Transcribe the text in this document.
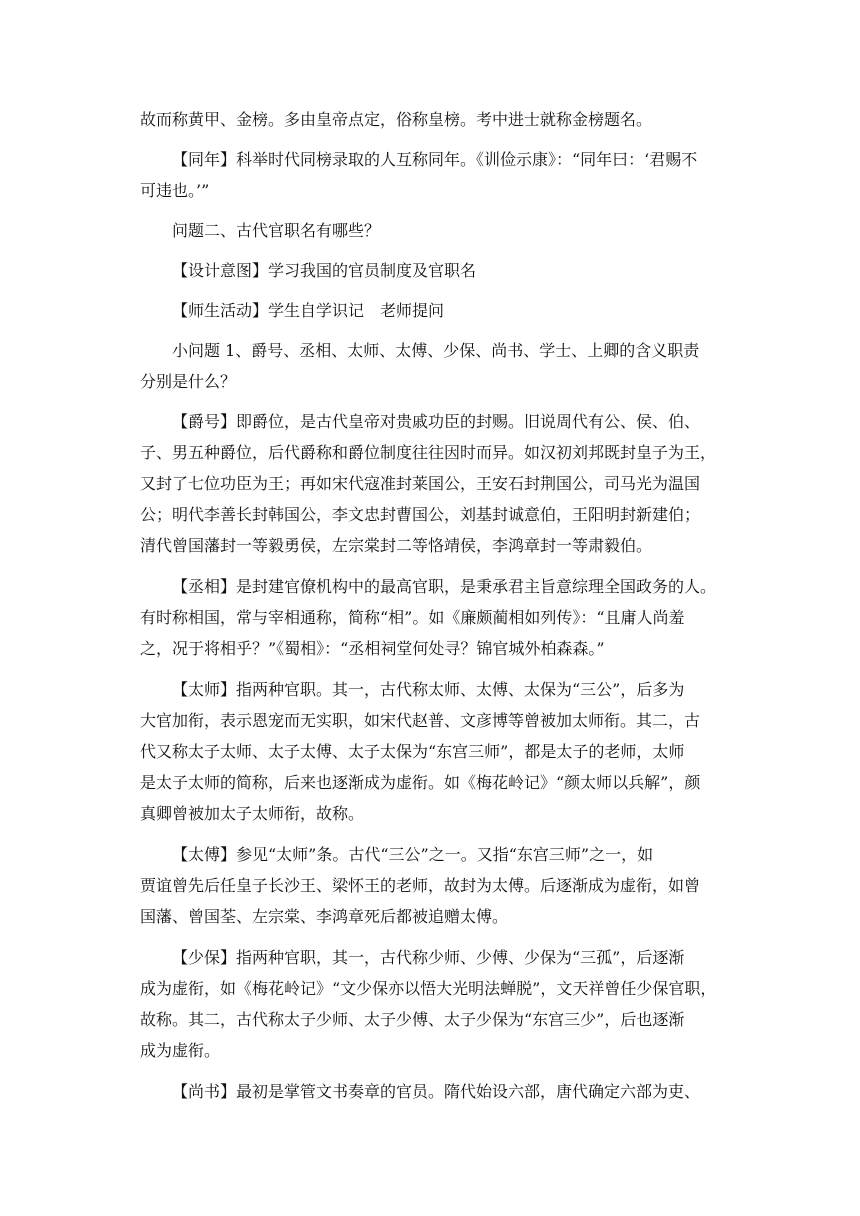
故而称黄甲、金榜。多由皇帝点定，俗称皇榜。考中进士就称金榜题名。

【同年】科举时代同榜录取的人互称同年。《训俭示康》：“同年曰：‘君赐不
可违也。’”

问题二、古代官职名有哪些？

【设计意图】学习我国的官员制度及官职名

【师生活动】学生自学识记　老师提问

小问题 1、爵号、丞相、太师、太傅、少保、尚书、学士、上卿的含义职责
分别是什么？

【爵号】即爵位，是古代皇帝对贵戚功臣的封赐。旧说周代有公、侯、伯、
子、男五种爵位，后代爵称和爵位制度往往因时而异。如汉初刘邦既封皇子为王，
又封了七位功臣为王；再如宋代寇准封莱国公，王安石封荆国公，司马光为温国
公；明代李善长封韩国公，李文忠封曹国公，刘基封诚意伯，王阳明封新建伯；
清代曾国藩封一等毅勇侯，左宗棠封二等恪靖侯，李鸿章封一等肃毅伯。

【丞相】是封建官僚机构中的最高官职，是秉承君主旨意综理全国政务的人。
有时称相国，常与宰相通称，简称“相”。如《廉颇蔺相如列传》：“且庸人尚羞
之，况于将相乎？”《蜀相》：“丞相祠堂何处寻？锦官城外柏森森。”

【太师】指两种官职。其一，古代称太师、太傅、太保为“三公”，后多为
大官加衔，表示恩宠而无实职，如宋代赵普、文彦博等曾被加太师衔。其二，古
代又称太子太师、太子太傅、太子太保为“东宫三师”，都是太子的老师，太师
是太子太师的简称，后来也逐渐成为虚衔。如《梅花岭记》“颜太师以兵解”，颜
真卿曾被加太子太师衔，故称。

【太傅】参见“太师”条。古代“三公”之一。又指“东宫三师”之一，如
贾谊曾先后任皇子长沙王、梁怀王的老师，故封为太傅。后逐渐成为虚衔，如曾
国藩、曾国荃、左宗棠、李鸿章死后都被追赠太傅。

【少保】指两种官职，其一，古代称少师、少傅、少保为“三孤”，后逐渐
成为虚衔，如《梅花岭记》“文少保亦以悟大光明法蝉脱”，文天祥曾任少保官职，
故称。其二，古代称太子少师、太子少傅、太子少保为“东宫三少”，后也逐渐
成为虚衔。

【尚书】最初是掌管文书奏章的官员。隋代始设六部，唐代确定六部为吏、
